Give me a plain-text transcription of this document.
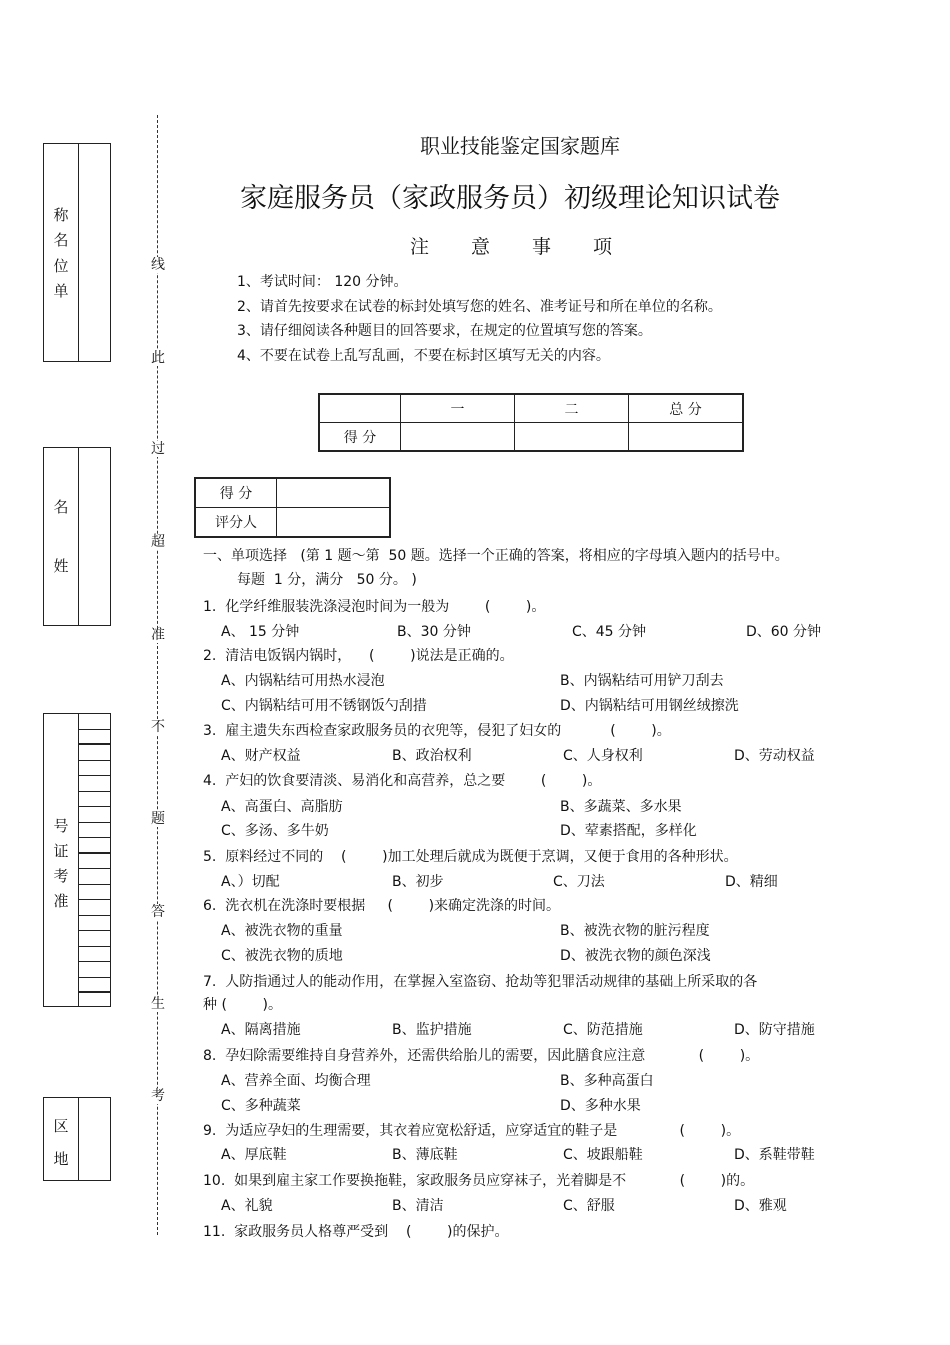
称
名
位
单
名
姓
号
证
考
准
区
地
线
此
过
超
准
不
题
答
生
考
职业技能鉴定国家题库
家庭服务员（家政服务员）初级理论知识试卷
注意事项
1、考试时间： 120 分钟。
2、请首先按要求在试卷的标封处填写您的姓名、准考证号和所在单位的名称。
3、请仔细阅读各种题目的回答要求，在规定的位置填写您的答案。
4、不要在试卷上乱写乱画，不要在标封区填写无关的内容。
	一	二	总 分
得 分			
得 分	
评分人	
一、单项选择   (第 1 题～第  50 题。选择一个正确的答案，将相应的字母填入题内的括号中。
每题  1 分，满分   50 分。 )
1.  化学纤维服装洗涤浸泡时间为一般为        (        )。
A、 15 分钟	B、30 分钟	C、45 分钟	D、60 分钟
2.  清洁电饭锅内锅时，    (        )说法是正确的。
A、内锅粘结可用热水浸泡	B、内锅粘结可用铲刀刮去
C、内锅粘结可用不锈钢饭勺刮措	D、内锅粘结可用钢丝绒擦洗
3.  雇主遗失东西检查家政服务员的衣兜等，侵犯了妇女的           (        )。
A、财产权益	B、政治权利	C、人身权利	D、劳动权益
4.  产妇的饮食要清淡、易消化和高营养，总之要        (        )。
A、高蛋白、高脂肪	B、多蔬菜、多水果
C、多汤、多牛奶	D、荤素搭配，多样化
5.  原料经过不同的    (        )加工处理后就成为既便于烹调，又便于食用的各种形状。
A、）切配	B、初步	C、刀法	D、精细
6.  洗衣机在洗涤时要根据     (        )来确定洗涤的时间。
A、被洗衣物的重量	B、被洗衣物的脏污程度
C、被洗衣物的质地	D、被洗衣物的颜色深浅
7.  人防指通过人的能动作用，在掌握入室盗窃、抢劫等犯罪活动规律的基础上所采取的各
种 (        )。
A、隔离措施	B、监护措施	C、防范措施	D、防守措施
8.  孕妇除需要维持自身营养外，还需供给胎儿的需要，因此膳食应注意            (        )。
A、营养全面、均衡合理	B、多种高蛋白
C、多种蔬菜	D、多种水果
9.  为适应孕妇的生理需要，其衣着应宽松舒适，应穿适宜的鞋子是              (        )。
A、厚底鞋	B、薄底鞋	C、坡跟船鞋	D、系鞋带鞋
10.  如果到雇主家工作要换拖鞋，家政服务员应穿袜子，光着脚是不            (        )的。
A、礼貌	B、清洁	C、舒服	D、雅观
11.  家政服务员人格尊严受到    (        )的保护。
